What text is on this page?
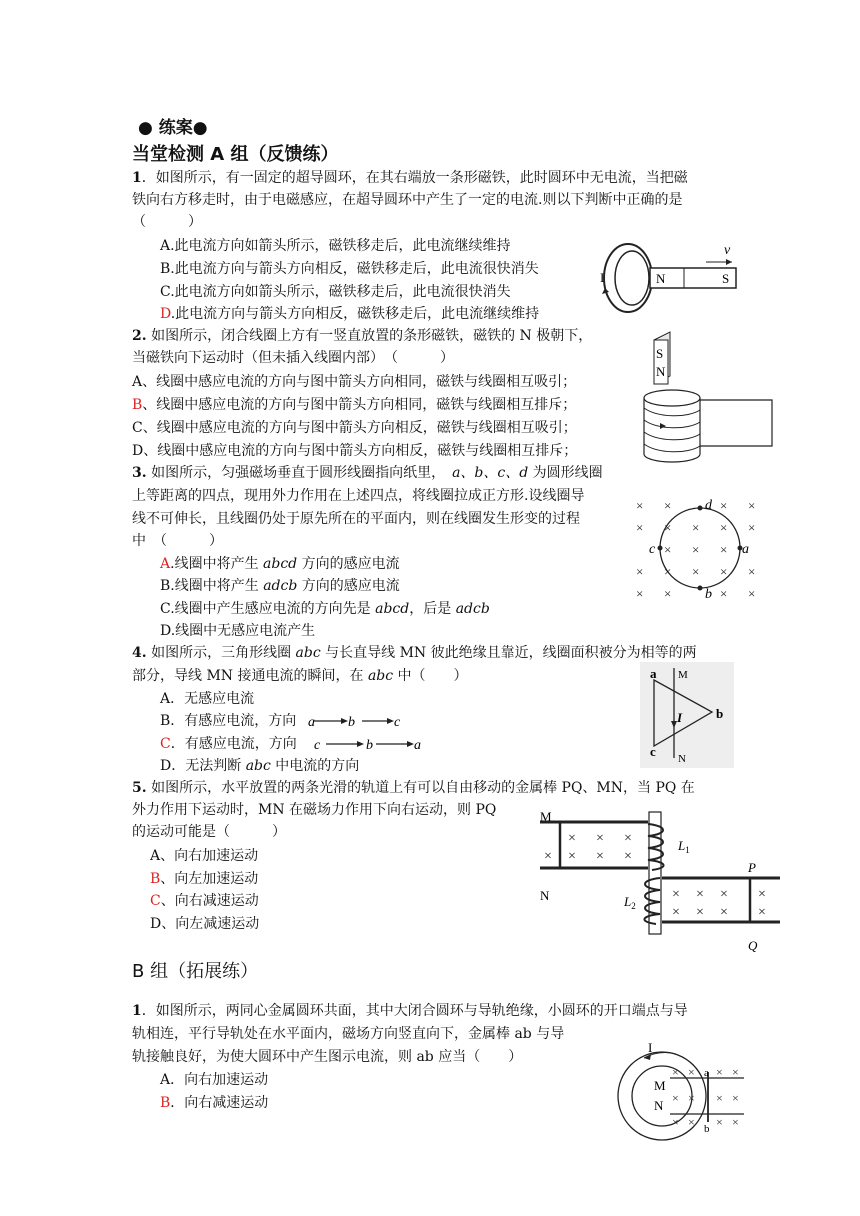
● 练案●
当堂检测 A 组（反馈练）
1．如图所示，有一固定的超导圆环，在其右端放一条形磁铁，此时圆环中无电流，当把磁
铁向右方移走时，由于电磁感应，在超导圆环中产生了一定的电流.则以下判断中正确的是
（　　　）
A.此电流方向如箭头所示，磁铁移走后，此电流继续维持
B.此电流方向与箭头方向相反，磁铁移走后，此电流很快消失
C.此电流方向如箭头所示，磁铁移走后，此电流很快消失
D.此电流方向与箭头方向相反，磁铁移走后，此电流继续维持
N	S
v
I
2. 如图所示，闭合线圈上方有一竖直放置的条形磁铁，磁铁的 N 极朝下，
当磁铁向下运动时（但未插入线圈内部）　（　　　）
A、线圈中感应电流的方向与图中箭头方向相同，磁铁与线圈相互吸引；
B、线圈中感应电流的方向与图中箭头方向相同，磁铁与线圈相互排斥；
C、线圈中感应电流的方向与图中箭头方向相反，磁铁与线圈相互吸引；
D、线圈中感应电流的方向与图中箭头方向相反，磁铁与线圈相互排斥；
S
N
3. 如图所示，匀强磁场垂直于圆形线圈指向纸里，　a、b、c、d 为圆形线圈
上等距离的四点，现用外力作用在上述四点，将线圈拉成正方形.设线圈导
线不可伸长，且线圈仍处于原先所在的平面内，则在线圈发生形变的过程
中　（　　　）
A.线圈中将产生 abcd 方向的感应电流
B.线圈中将产生 adcb 方向的感应电流
C.线圈中产生感应电流的方向先是 abcd，后是 adcb
D.线圈中无感应电流产生
× ×	× ×
× × × × ×
× × ×
× × × × ×
× ×	× ×
d
a
b
c
4. 如图所示，三角形线圈 abc 与长直导线 MN 彼此绝缘且靠近，线圈面积被分为相等的两
部分，导线 MN 接通电流的瞬间，在 abc 中（　　）
A．无感应电流
B．有感应电流，方向 a b	c
C．有感应电流，方向 c	b	a
D．无法判断 abc 中电流的方向
a
c
b
M
N
I
5. 如图所示，水平放置的两条光滑的轨道上有可以自由移动的金属棒 PQ、MN，当 PQ 在
外力作用下运动时，MN 在磁场力作用下向右运动，则 PQ
的运动可能是（　　　）
A、向右加速运动
B、向左加速运动
C、向右减速运动
D、向左减速运动
× × ×
× × × ×
× × × ×
× × × ×
M
N
$L_1$
$L_2$
P
Q
B 组（拓展练）
1．如图所示，两同心金属圆环共面，其中大闭合圆环与导轨绝缘，小圆环的开口端点与导
轨相连，平行导轨处在水平面内，磁场方向竖直向下，金属棒 ab 与导
轨接触良好，为使大圆环中产生图示电流，则 ab 应当（　　）
A．向右加速运动
B．向右减速运动
I
× × × ×
× × × ×
× × × ×
M
N
a
b
